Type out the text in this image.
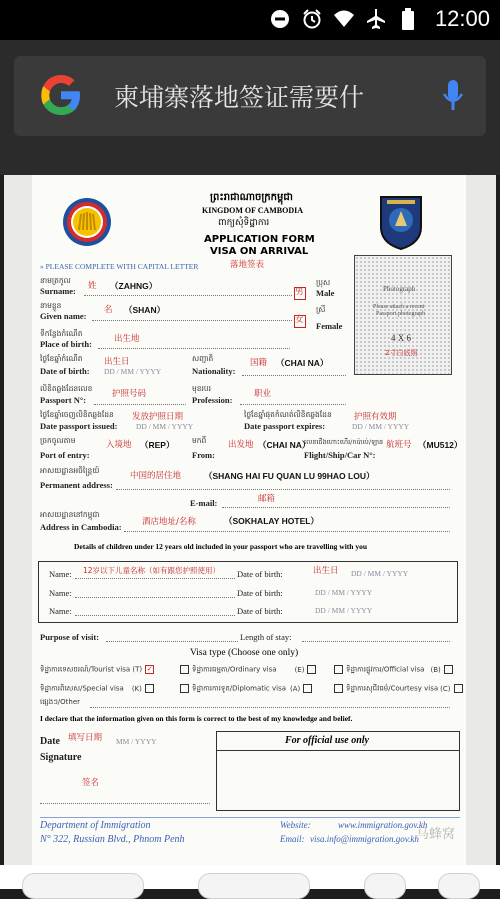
12:00
柬埔寨落地签证需要什
ព្រះរាជាណាចក្រកម្ពុជា
KINGDOM OF CAMBODIA
ពាក្យសុំទិដ្ឋាការ
APPLICATION FORM
VISA ON ARRIVAL
» PLEASE COMPLETE WITH CAPITAL LETTER	落地签表
Photograph
Please attach a recent
Passport photograph
4 X 6
2寸白底照
នាមត្រកូល
Surname: 姓 （ZAHNG）
男
ប្រុស
Male
នាមខ្លួន
Given name:
名 （SHAN）
女
ស្រី
Female
ទីកន្លែងកំណើត
Place of birth:	出生地
ថ្ងៃខែឆ្នាំកំណើត
Date of birth:
出生日
DD / MM / YYYY
សញ្ជាតិ
Nationality:
国籍 （CHAI NA）
លិខិតឆ្លងដែនលេខ
Passport N°:
护照号码
មុខរបរ
Profession:
职业
ថ្ងៃខែឆ្នាំចេញលិខិតឆ្លងដែន
Date passport issued:
发放护照日期
DD / MM / YYYY
ថ្ងៃខែឆ្នាំផុតកំណត់លិខិតឆ្លងដែន
Date passport expires:
护照有效期
DD / MM / YYYY
ច្រកចូលតាម
Port of entry:
入境地 （REP） មកពី
From:
出发地 （CHAI NA）
លេខជើងហោះហើរ/កប៉ាល់/ឡាន
Flight/Ship/Car N°:
航班号 （MU512）
អាសយដ្ឋានអចិន្ត្រៃយ៍
Permanent address:
中国的居住地	（SHANG HAI FU QUAN LU 99HAO LOU）
E-mail:	邮箱
អាសយដ្ឋាននៅកម្ពុជា
Address in Cambodia: 酒店地址/名称	（SOKHALAY HOTEL）
Details of children under 12 years old included in your passport who are travelling with you
Name: 12岁以下儿童名称（如有跟您护照使用） Date of birth:	出生日 DD / MM / YYYY
Name:	Date of birth:	DD / MM / YYYY
Name:	Date of birth:	DD / MM / YYYY
Purpose of visit:	Length of stay:
Visa type (Choose one only)
ទិដ្ឋាការទេសចរណ៍/Tourist visa (T) ✓	ទិដ្ឋាការធម្មតា/Ordinary visa	(E)	ទិដ្ឋាការផ្លូវការ/Official visa (B)
ទិដ្ឋាការពិសេស/Special visa (K)	ទិដ្ឋាការការទូត/Diplomatic visa (A)	ទិដ្ឋាការសុជីវធម៌/Courtesy visa (C)
ផ្សេងៗ/Other
I declare that the information given on this form is correct to the best of my knowledge and belief.
Date 填写日期 MM / YYYY
Signature
签名
For official use only
Department of Immigration
N° 322, Russian Blvd., Phnom Penh
Website:	www.immigration.gov.kh
Email: visa.info@immigration.gov.kh
马蜂窝
